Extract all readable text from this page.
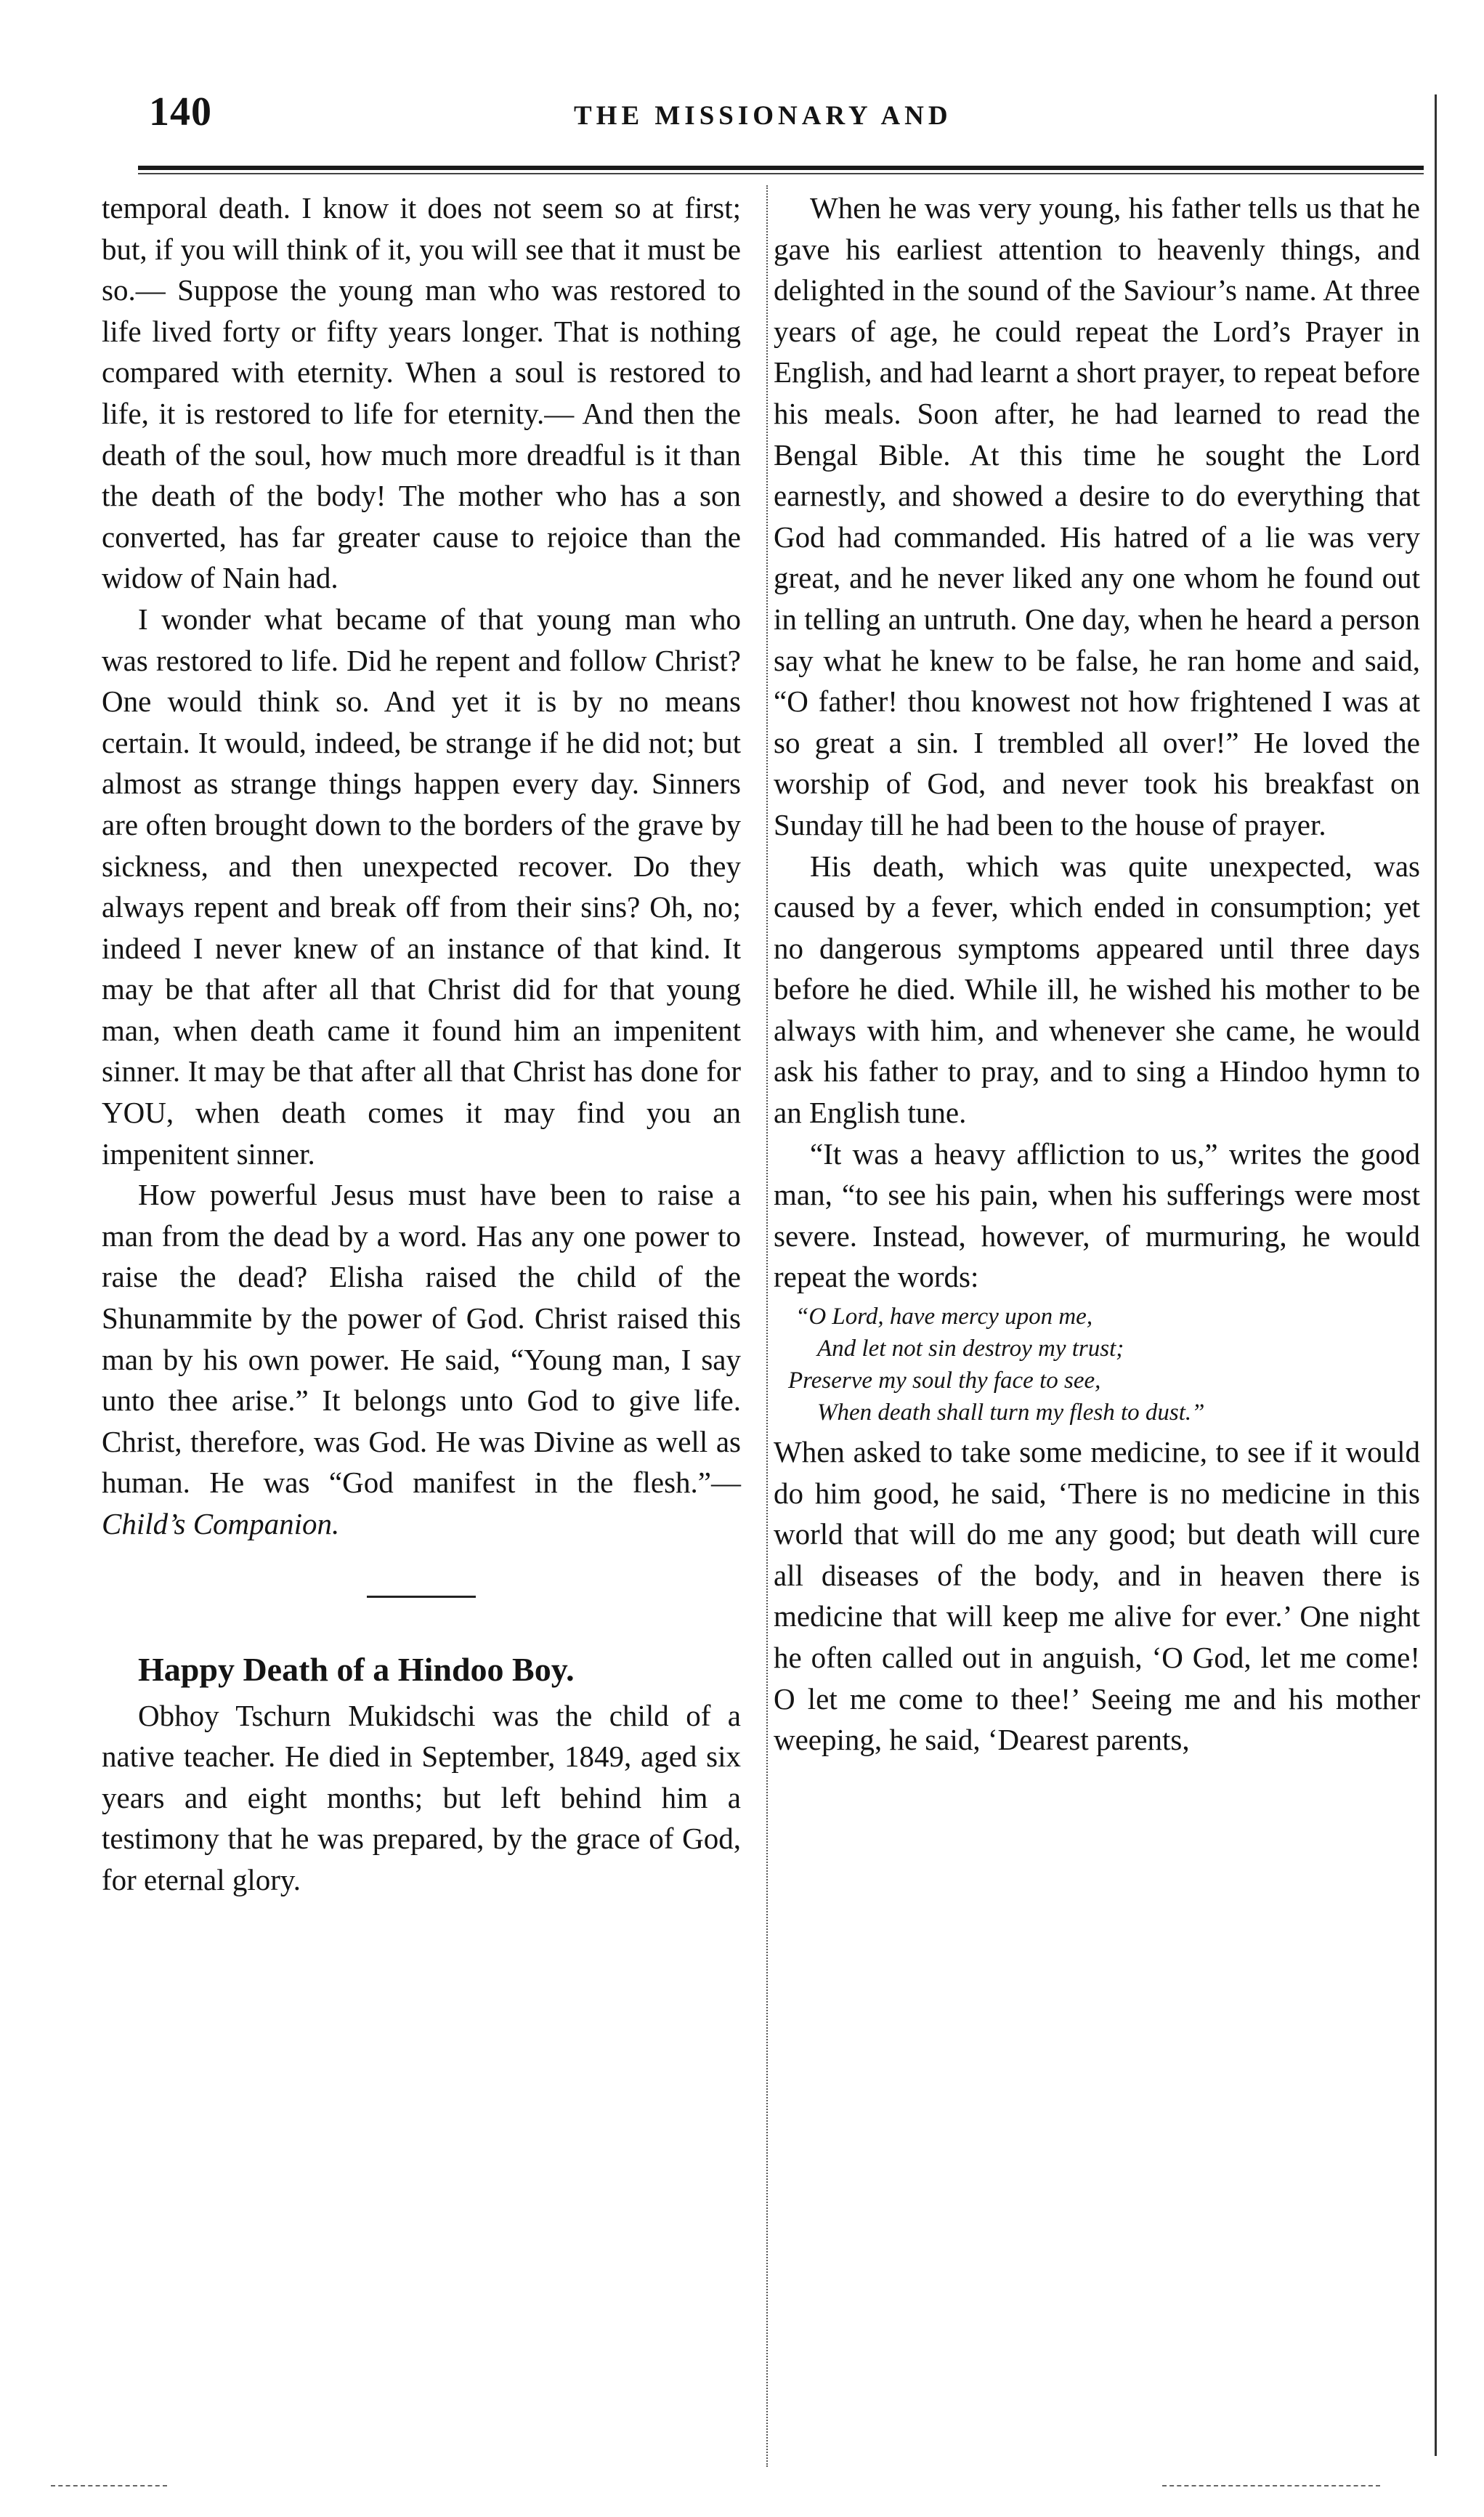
140	THE MISSIONARY AND

temporal death. I know it does not seem so at first; but, if you will think of it, you will see that it must be so.— Suppose the young man who was restored to life lived forty or fifty years longer. That is nothing compared with eternity. When a soul is restored to life, it is restored to life for eternity.— And then the death of the soul, how much more dreadful is it than the death of the body! The mother who has a son converted, has far greater cause to rejoice than the widow of Nain had.

I wonder what became of that young man who was restored to life. Did he repent and follow Christ? One would think so. And yet it is by no means certain. It would, indeed, be strange if he did not; but almost as strange things happen every day. Sinners are often brought down to the borders of the grave by sickness, and then unexpected recover. Do they always repent and break off from their sins? Oh, no; indeed I never knew of an instance of that kind. It may be that after all that Christ did for that young man, when death came it found him an impenitent sinner. It may be that after all that Christ has done for YOU, when death comes it may find you an impenitent sinner.

How powerful Jesus must have been to raise a man from the dead by a word. Has any one power to raise the dead? Elisha raised the child of the Shunammite by the power of God. Christ raised this man by his own power. He said, “Young man, I say unto thee arise.” It belongs unto God to give life. Christ, therefore, was God. He was Divine as well as human. He was “God manifest in the flesh.”—Child’s Companion.

Happy Death of a Hindoo Boy.

Obhoy Tschurn Mukidschi was the child of a native teacher. He died in September, 1849, aged six years and eight months; but left behind him a testimony that he was prepared, by the grace of God, for eternal glory.

When he was very young, his father tells us that he gave his earliest attention to heavenly things, and delighted in the sound of the Saviour’s name. At three years of age, he could repeat the Lord’s Prayer in English, and had learnt a short prayer, to repeat before his meals. Soon after, he had learned to read the Bengal Bible. At this time he sought the Lord earnestly, and showed a desire to do everything that God had commanded. His hatred of a lie was very great, and he never liked any one whom he found out in telling an untruth. One day, when he heard a person say what he knew to be false, he ran home and said, “O father! thou knowest not how frightened I was at so great a sin. I trembled all over!” He loved the worship of God, and never took his breakfast on Sunday till he had been to the house of prayer.

His death, which was quite unexpected, was caused by a fever, which ended in consumption; yet no dangerous symptoms appeared until three days before he died. While ill, he wished his mother to be always with him, and whenever she came, he would ask his father to pray, and to sing a Hindoo hymn to an English tune.

“It was a heavy affliction to us,” writes the good man, “to see his pain, when his sufferings were most severe. Instead, however, of murmuring, he would repeat the words:

“O Lord, have mercy upon me,
And let not sin destroy my trust;
Preserve my soul thy face to see,
When death shall turn my flesh to dust.”

When asked to take some medicine, to see if it would do him good, he said, ‘There is no medicine in this world that will do me any good; but death will cure all diseases of the body, and in heaven there is medicine that will keep me alive for ever.’ One night he often called out in anguish, ‘O God, let me come! O let me come to thee!’ Seeing me and his mother weeping, he said, ‘Dearest parents,
